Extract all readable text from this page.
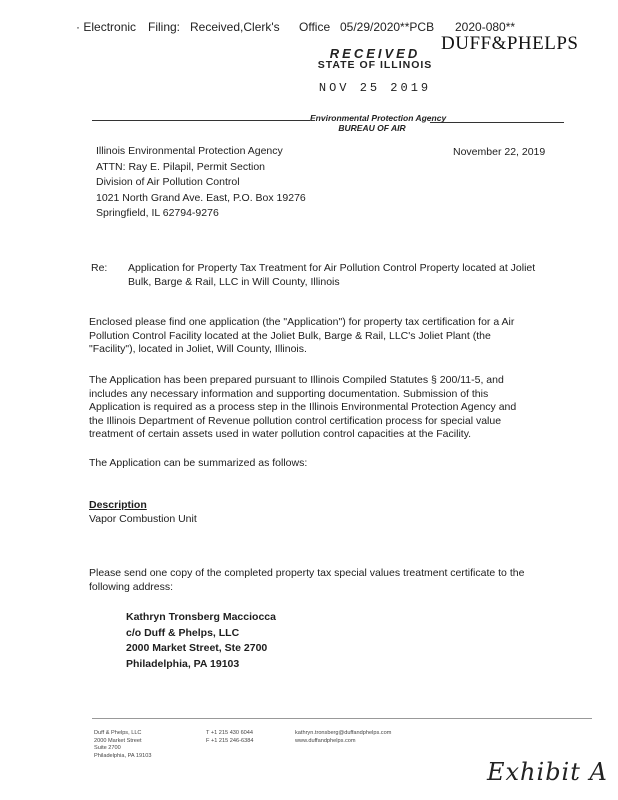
· Electronic Filing: Received,Clerk's Office 05/29/2020**PCB 2020-080**
DUFF&PHELPS
RECEIVED
STATE OF ILLINOIS
NOV 25 2019
Environmental Protection Agency
BUREAU OF AIR
Illinois Environmental Protection Agency
ATTN: Ray E. Pilapil, Permit Section
Division of Air Pollution Control
1021 North Grand Ave. East, P.O. Box 19276
Springfield, IL 62794-9276
November 22, 2019
Re: Application for Property Tax Treatment for Air Pollution Control Property located at Joliet
Bulk, Barge & Rail, LLC in Will County, Illinois
Enclosed please find one application (the "Application") for property tax certification for a Air Pollution Control Facility located at the Joliet Bulk, Barge & Rail, LLC's Joliet Plant (the "Facility"), located in Joliet, Will County, Illinois.
The Application has been prepared pursuant to Illinois Compiled Statutes § 200/11-5, and includes any necessary information and supporting documentation. Submission of this Application is required as a process step in the Illinois Environmental Protection Agency and the Illinois Department of Revenue pollution control certification process for special value treatment of certain assets used in water pollution control capacities at the Facility.
The Application can be summarized as follows:
Description
Vapor Combustion Unit
Please send one copy of the completed property tax special values treatment certificate to the following address:
Kathryn Tronsberg Macciocca
c/o Duff & Phelps, LLC
2000 Market Street, Ste 2700
Philadelphia, PA 19103
Duff & Phelps, LLC
2000 Market Street
Suite 2700
Philadelphia, PA 19103
T +1 215 430 6044
F +1 215 246-6384
kathryn.tronsberg@duffandphelps.com
www.duffandphelps.com
Exhibit A
